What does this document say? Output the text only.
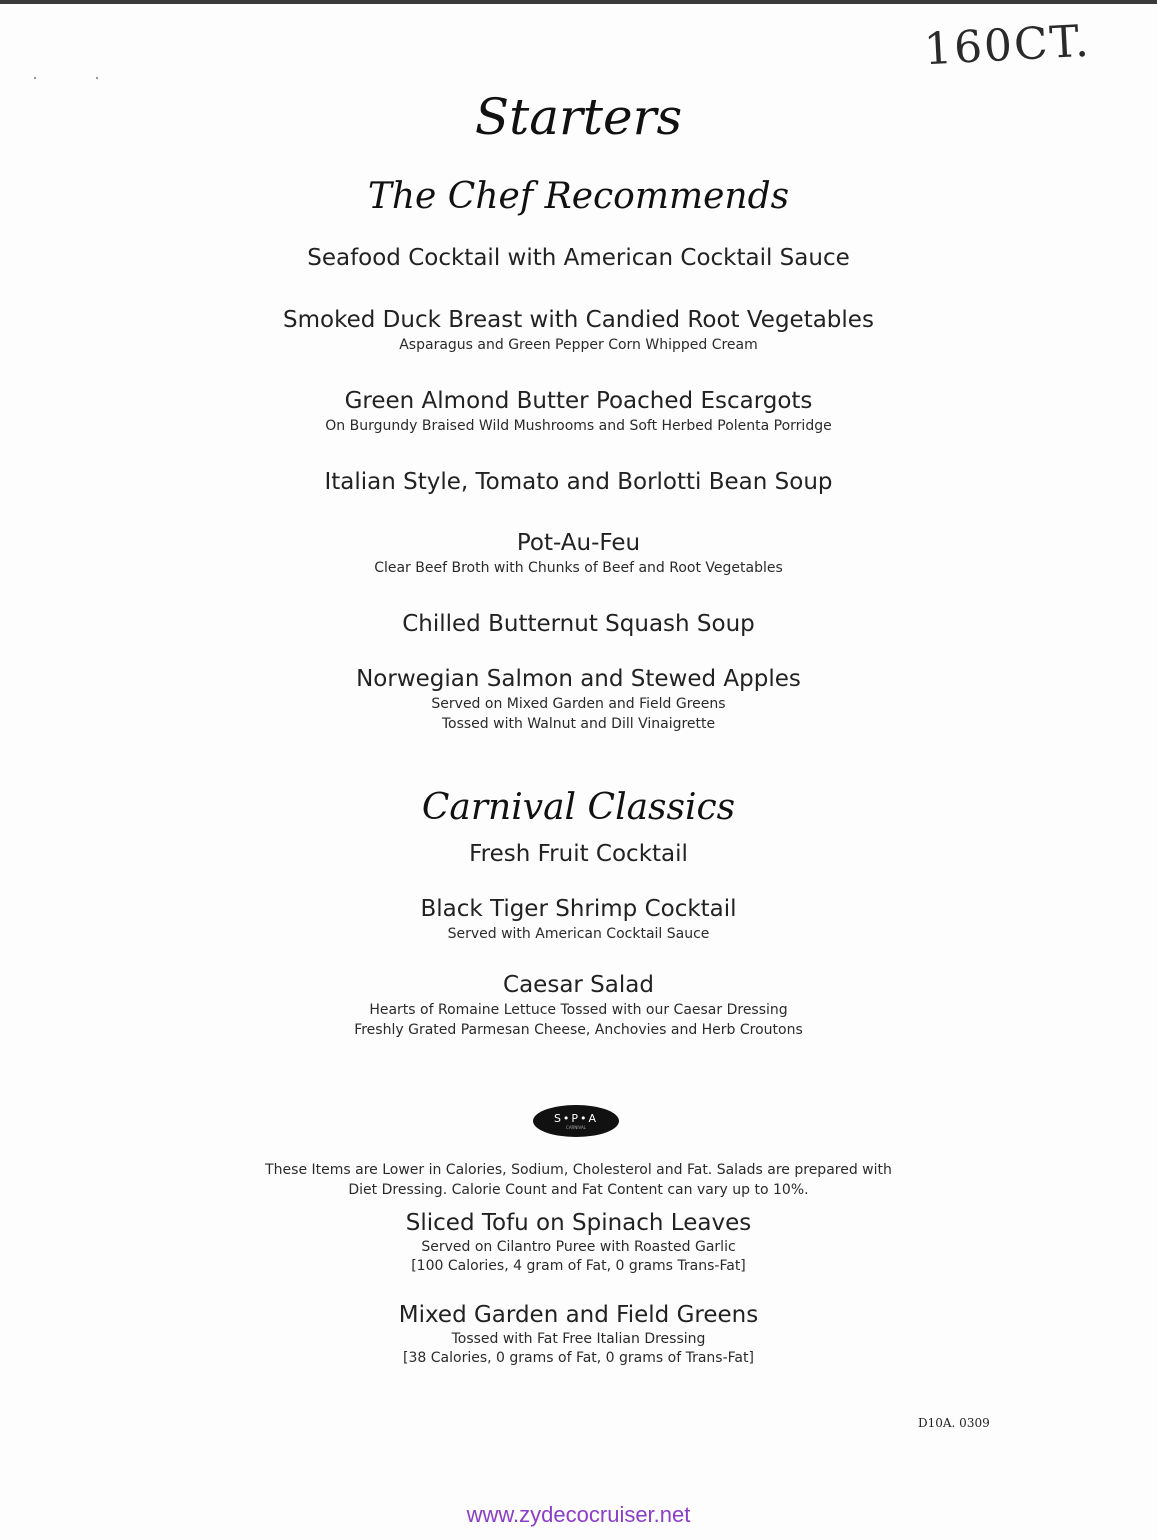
160CT.
Starters
The Chef Recommends
Seafood Cocktail with American Cocktail Sauce
Smoked Duck Breast with Candied Root Vegetables
Asparagus and Green Pepper Corn Whipped Cream
Green Almond Butter Poached Escargots
On Burgundy Braised Wild Mushrooms and Soft Herbed Polenta Porridge
Italian Style, Tomato and Borlotti Bean Soup
Pot-Au-Feu
Clear Beef Broth with Chunks of Beef and Root Vegetables
Chilled Butternut Squash Soup
Norwegian Salmon and Stewed Apples
Served on Mixed Garden and Field Greens
Tossed with Walnut and Dill Vinaigrette
Carnival Classics
Fresh Fruit Cocktail
Black Tiger Shrimp Cocktail
Served with American Cocktail Sauce
Caesar Salad
Hearts of Romaine Lettuce Tossed with our Caesar Dressing
Freshly Grated Parmesan Cheese, Anchovies and Herb Croutons
S•P•A
CARNIVAL
These Items are Lower in Calories, Sodium, Cholesterol and Fat. Salads are prepared with
Diet Dressing. Calorie Count and Fat Content can vary up to 10%.
Sliced Tofu on Spinach Leaves
Served on Cilantro Puree with Roasted Garlic
[100 Calories, 4 gram of Fat, 0 grams Trans-Fat]
Mixed Garden and Field Greens
Tossed with Fat Free Italian Dressing
[38 Calories, 0 grams of Fat, 0 grams of Trans-Fat]
D10A. 0309
www.zydecocruiser.net
